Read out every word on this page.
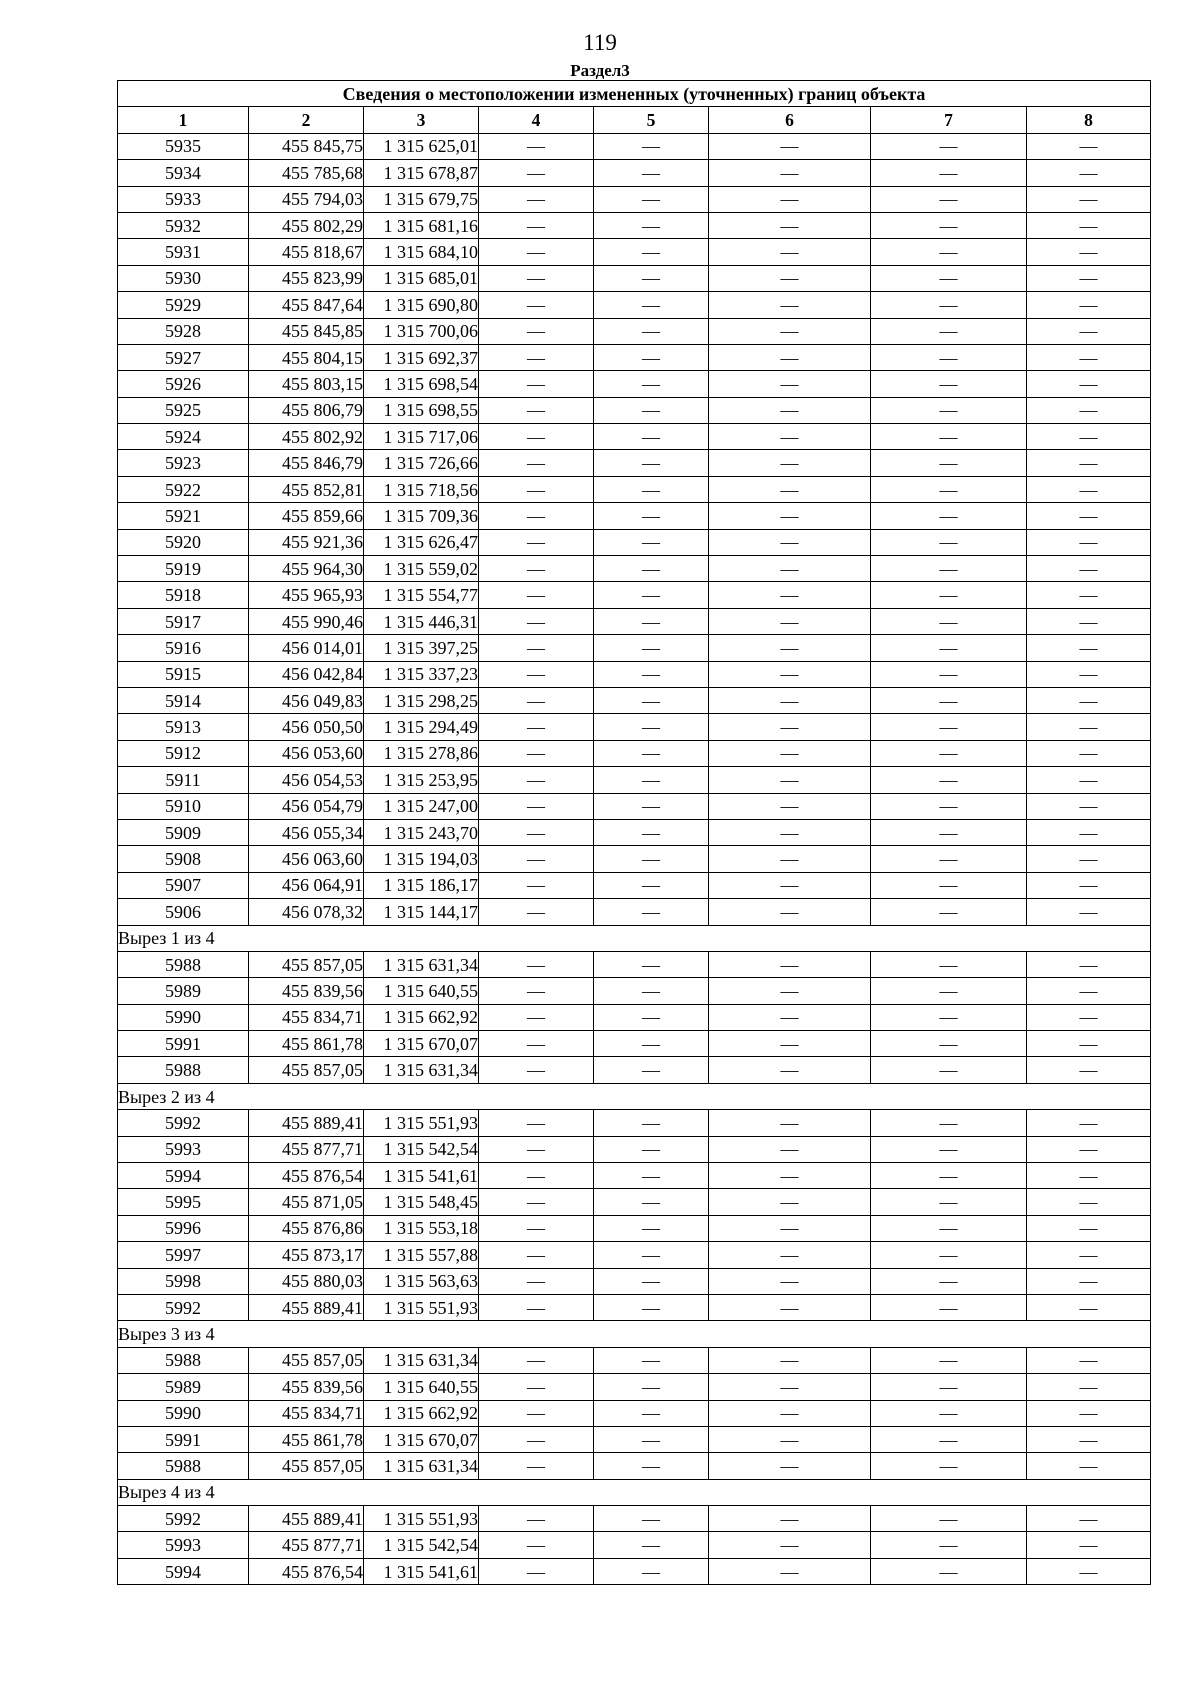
119
Раздел3
Сведения о местоположении измененных (уточненных) границ объекта							
1	2	3	4	5	6	7	8
5935	455 845,75	1 315 625,01	—	—	—	—	—
5934	455 785,68	1 315 678,87	—	—	—	—	—
5933	455 794,03	1 315 679,75	—	—	—	—	—
5932	455 802,29	1 315 681,16	—	—	—	—	—
5931	455 818,67	1 315 684,10	—	—	—	—	—
5930	455 823,99	1 315 685,01	—	—	—	—	—
5929	455 847,64	1 315 690,80	—	—	—	—	—
5928	455 845,85	1 315 700,06	—	—	—	—	—
5927	455 804,15	1 315 692,37	—	—	—	—	—
5926	455 803,15	1 315 698,54	—	—	—	—	—
5925	455 806,79	1 315 698,55	—	—	—	—	—
5924	455 802,92	1 315 717,06	—	—	—	—	—
5923	455 846,79	1 315 726,66	—	—	—	—	—
5922	455 852,81	1 315 718,56	—	—	—	—	—
5921	455 859,66	1 315 709,36	—	—	—	—	—
5920	455 921,36	1 315 626,47	—	—	—	—	—
5919	455 964,30	1 315 559,02	—	—	—	—	—
5918	455 965,93	1 315 554,77	—	—	—	—	—
5917	455 990,46	1 315 446,31	—	—	—	—	—
5916	456 014,01	1 315 397,25	—	—	—	—	—
5915	456 042,84	1 315 337,23	—	—	—	—	—
5914	456 049,83	1 315 298,25	—	—	—	—	—
5913	456 050,50	1 315 294,49	—	—	—	—	—
5912	456 053,60	1 315 278,86	—	—	—	—	—
5911	456 054,53	1 315 253,95	—	—	—	—	—
5910	456 054,79	1 315 247,00	—	—	—	—	—
5909	456 055,34	1 315 243,70	—	—	—	—	—
5908	456 063,60	1 315 194,03	—	—	—	—	—
5907	456 064,91	1 315 186,17	—	—	—	—	—
5906	456 078,32	1 315 144,17	—	—	—	—	—
Вырез 1 из 4							
5988	455 857,05	1 315 631,34	—	—	—	—	—
5989	455 839,56	1 315 640,55	—	—	—	—	—
5990	455 834,71	1 315 662,92	—	—	—	—	—
5991	455 861,78	1 315 670,07	—	—	—	—	—
5988	455 857,05	1 315 631,34	—	—	—	—	—
Вырез 2 из 4							
5992	455 889,41	1 315 551,93	—	—	—	—	—
5993	455 877,71	1 315 542,54	—	—	—	—	—
5994	455 876,54	1 315 541,61	—	—	—	—	—
5995	455 871,05	1 315 548,45	—	—	—	—	—
5996	455 876,86	1 315 553,18	—	—	—	—	—
5997	455 873,17	1 315 557,88	—	—	—	—	—
5998	455 880,03	1 315 563,63	—	—	—	—	—
5992	455 889,41	1 315 551,93	—	—	—	—	—
Вырез 3 из 4							
5988	455 857,05	1 315 631,34	—	—	—	—	—
5989	455 839,56	1 315 640,55	—	—	—	—	—
5990	455 834,71	1 315 662,92	—	—	—	—	—
5991	455 861,78	1 315 670,07	—	—	—	—	—
5988	455 857,05	1 315 631,34	—	—	—	—	—
Вырез 4 из 4							
5992	455 889,41	1 315 551,93	—	—	—	—	—
5993	455 877,71	1 315 542,54	—	—	—	—	—
5994	455 876,54	1 315 541,61	—	—	—	—	—
